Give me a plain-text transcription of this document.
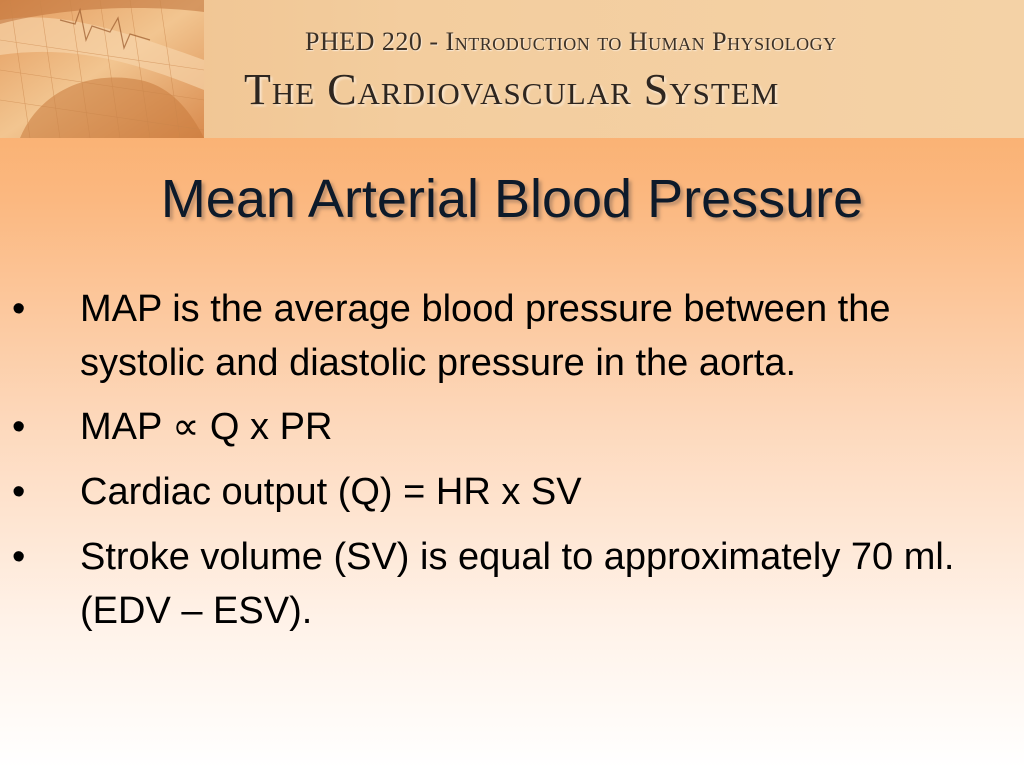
PHED 220 - Introduction to Human Physiology
The Cardiovascular System
Mean Arterial Blood Pressure
•	MAP is the average blood pressure between the systolic and diastolic pressure in the aorta.
•	MAP ∝ Q x PR
•	Cardiac output (Q) = HR x SV
•	Stroke volume (SV) is equal to approximately 70 ml. (EDV – ESV).
